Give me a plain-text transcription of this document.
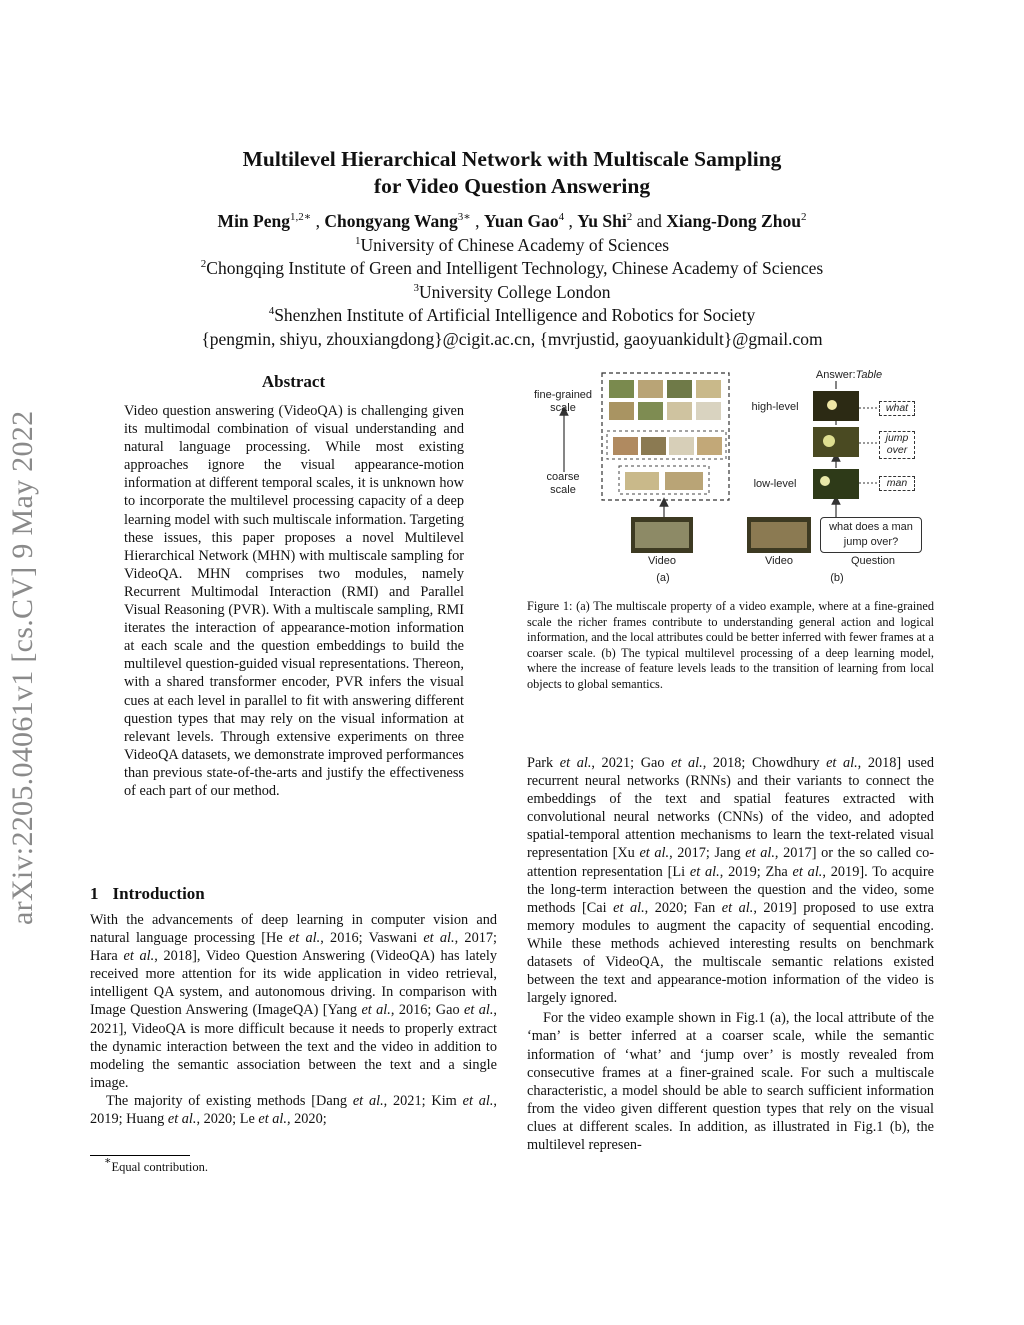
arXiv:2205.04061v1 [cs.CV] 9 May 2022
Multilevel Hierarchical Network with Multiscale Sampling
for Video Question Answering
Min Peng$^{1,2∗}$ , Chongyang Wang$^{3∗}$ , Yuan Gao$^4$ , Yu Shi$^2$ and Xiang-Dong Zhou$^2$
$^1$University of Chinese Academy of Sciences
$^2$Chongqing Institute of Green and Intelligent Technology, Chinese Academy of Sciences
$^3$University College London
$^4$Shenzhen Institute of Artificial Intelligence and Robotics for Society
{pengmin, shiyu, zhouxiangdong}@cigit.ac.cn, {mvrjustid, gaoyuankidult}@gmail.com
Abstract
Video question answering (VideoQA) is challenging given its multimodal combination of visual understanding and natural language processing. While most existing approaches ignore the visual appearance-motion information at different temporal scales, it is unknown how to incorporate the multilevel processing capacity of a deep learning model with such multiscale information. Targeting these issues, this paper proposes a novel Multilevel Hierarchical Network (MHN) with multiscale sampling for VideoQA. MHN comprises two modules, namely Recurrent Multimodal Interaction (RMI) and Parallel Visual Reasoning (PVR). With a multiscale sampling, RMI iterates the interaction of appearance-motion information at each scale and the question embeddings to build the multilevel question-guided visual representations. Thereon, with a shared transformer encoder, PVR infers the visual cues at each level in parallel to fit with answering different question types that may rely on the visual information at relevant levels. Through extensive experiments on three VideoQA datasets, we demonstrate improved performances than previous state-of-the-arts and justify the effectiveness of each part of our method.
1 Introduction

With the advancements of deep learning in computer vision and natural language processing [He et al., 2016; Vaswani et al., 2017; Hara et al., 2018], Video Question Answering (VideoQA) has lately received more attention for its wide application in video retrieval, intelligent QA system, and autonomous driving. In comparison with Image Question Answering (ImageQA) [Yang et al., 2016; Gao et al., 2021], VideoQA is more difficult because it needs to properly extract the dynamic interaction between the text and the video in addition to modeling the semantic association between the text and a single image.

The majority of existing methods [Dang et al., 2021; Kim et al., 2019; Huang et al., 2020; Le et al., 2020;

∗Equal contribution.
fine-grained
scale
coarse
scale
Answer:Table
high-level
low-level
what
jump
over
man
what does a man
jump over?
Video	Video	Question
(a)	(b)
Figure 1: (a) The multiscale property of a video example, where at a fine-grained scale the richer frames contribute to understanding general action and logical information, and the local attributes could be better inferred with fewer frames at a coarser scale. (b) The typical multilevel processing of a deep learning model, where the increase of feature levels leads to the transition of learning from local objects to global semantics.

Park et al., 2021; Gao et al., 2018; Chowdhury et al., 2018] used recurrent neural networks (RNNs) and their variants to connect the embeddings of the text and spatial features extracted with convolutional neural networks (CNNs) of the video, and adopted spatial-temporal attention mechanisms to learn the text-related visual representation [Xu et al., 2017; Jang et al., 2017] or the so called co-attention representation [Li et al., 2019; Zha et al., 2019]. To acquire the long-term interaction between the question and the video, some methods [Cai et al., 2020; Fan et al., 2019] proposed to use extra memory modules to augment the capacity of sequential encoding. While these methods achieved interesting results on benchmark datasets of VideoQA, the multiscale semantic relations existed between the text and appearance-motion information of the video is largely ignored.

For the video example shown in Fig.1 (a), the local attribute of the ‘man’ is better inferred at a coarser scale, while the semantic information of ‘what’ and ‘jump over’ is mostly revealed from consecutive frames at a finer-grained scale. For such a multiscale characteristic, a model should be able to search sufficient information from the video given different question types that rely on the visual clues at different scales. In addition, as illustrated in Fig.1 (b), the multilevel represen-
